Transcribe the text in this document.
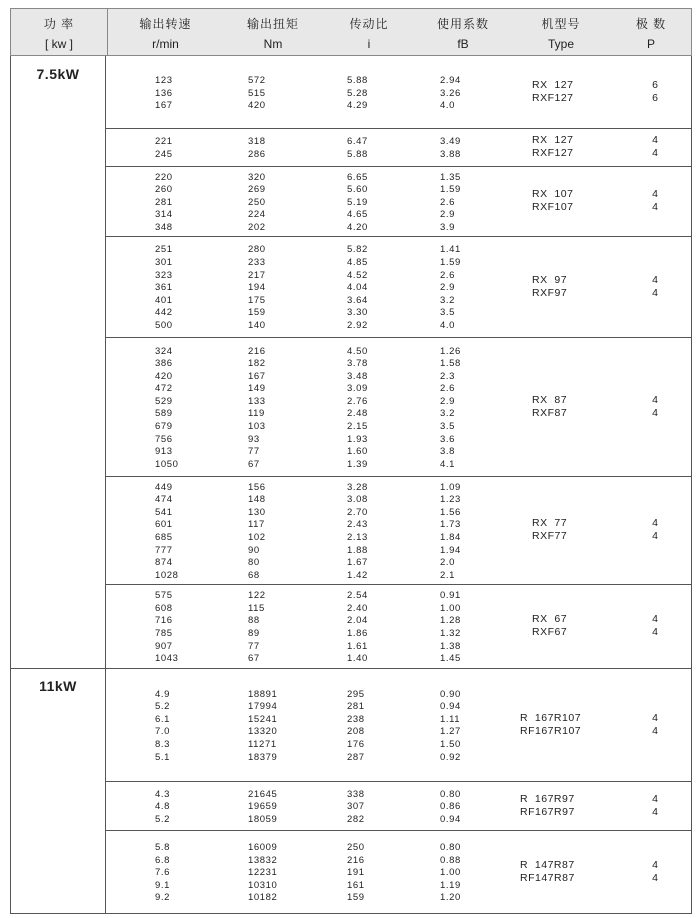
功 率
[ kw ]
输出转速
r/min
输出扭矩
Nm
传动比
i
使用系数
fB
机型号
Type
极 数
P
7.5kW	123
136
167
572
515
420
5.88
5.28
4.29
2.94
3.26
4.0
RX  127
RXF127
6
6
221
245
318
286
6.47
5.88
3.49
3.88
RX  127
RXF127
4
4
220
260
281
314
348
320
269
250
224
202
6.65
5.60
5.19
4.65
4.20
1.35
1.59
2.6
2.9
3.9
RX  107
RXF107
4
4
251
301
323
361
401
442
500
280
233
217
194
175
159
140
5.82
4.85
4.52
4.04
3.64
3.30
2.92
1.41
1.59
2.6
2.9
3.2
3.5
4.0
RX  97
RXF97
4
4
324
386
420
472
529
589
679
756
913
1050
216
182
167
149
133
119
103
93
77
67
4.50
3.78
3.48
3.09
2.76
2.48
2.15
1.93
1.60
1.39
1.26
1.58
2.3
2.6
2.9
3.2
3.5
3.6
3.8
4.1
RX  87
RXF87
4
4
449
474
541
601
685
777
874
1028
156
148
130
117
102
90
80
68
3.28
3.08
2.70
2.43
2.13
1.88
1.67
1.42
1.09
1.23
1.56
1.73
1.84
1.94
2.0
2.1
RX  77
RXF77
4
4
575
608
716
785
907
1043
122
115
88
89
77
67
2.54
2.40
2.04
1.86
1.61
1.40
0.91
1.00
1.28
1.32
1.38
1.45
RX  67
RXF67
4
4
11kW
4.9
5.2
6.1
7.0
8.3
5.1
18891
17994
15241
13320
11271
18379
295
281
238
208
176
287
0.90
0.94
1.11
1.27
1.50
0.92
R  167R107
RF167R107
4
4
4.3
4.8
5.2
21645
19659
18059
338
307
282
0.80
0.86
0.94
R  167R97
RF167R97
4
4
5.8
6.8
7.6
9.1
9.2
16009
13832
12231
10310
10182
250
216
191
161
159
0.80
0.88
1.00
1.19
1.20
R  147R87
RF147R87
4
4
